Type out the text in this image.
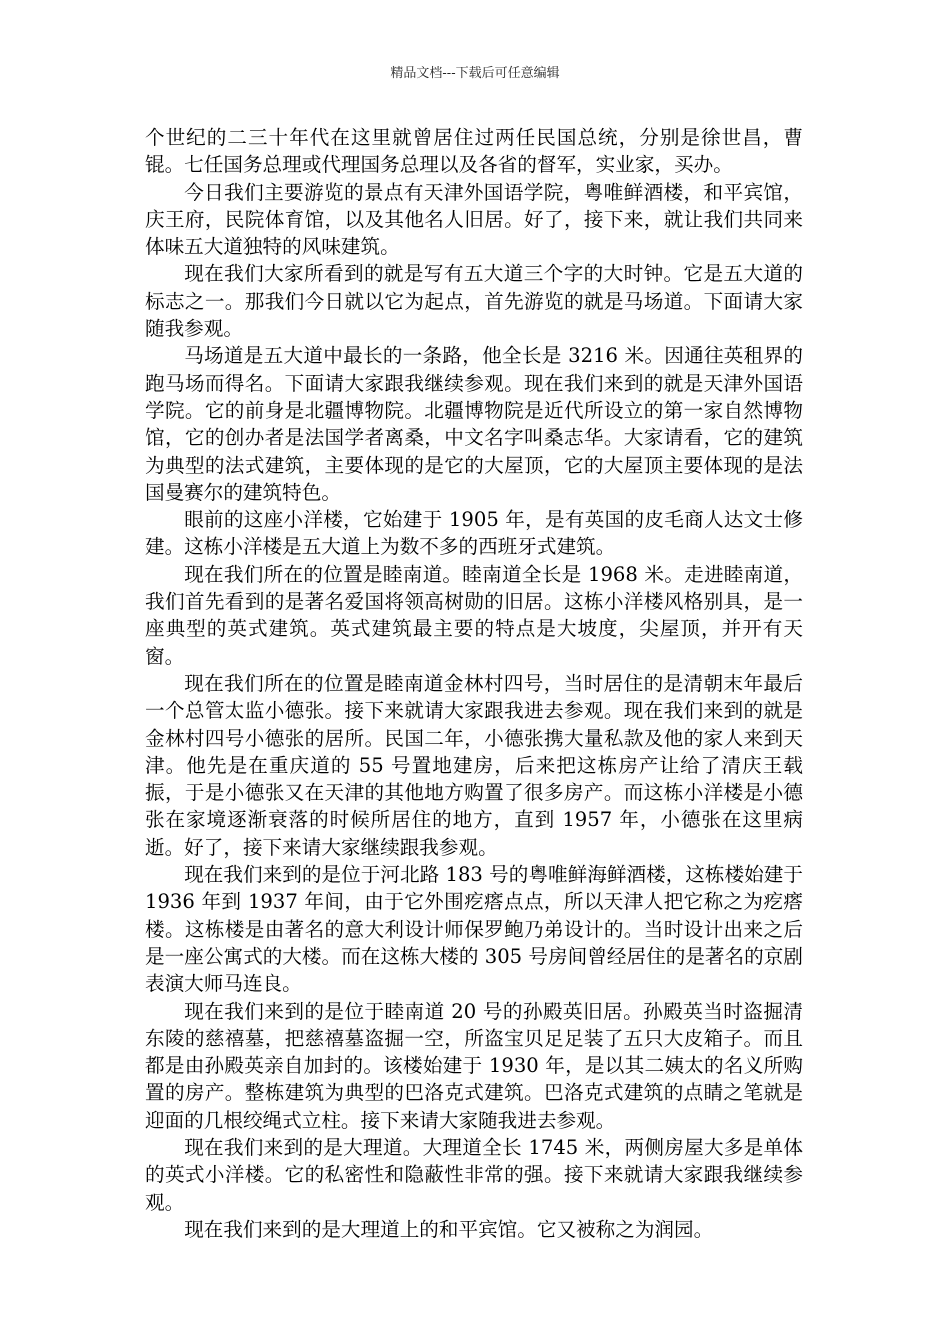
精品文档---下载后可任意编辑

个世纪的二三十年代在这里就曾居住过两任民国总统，分别是徐世昌，曹锟。七任国务总理或代理国务总理以及各省的督军，实业家，买办。

今日我们主要游览的景点有天津外国语学院，粤唯鲜酒楼，和平宾馆，庆王府，民院体育馆，以及其他名人旧居。好了，接下来，就让我们共同来体味五大道独特的风味建筑。

现在我们大家所看到的就是写有五大道三个字的大时钟。它是五大道的标志之一。那我们今日就以它为起点，首先游览的就是马场道。下面请大家随我参观。

马场道是五大道中最长的一条路，他全长是 3216 米。因通往英租界的跑马场而得名。下面请大家跟我继续参观。现在我们来到的就是天津外国语学院。它的前身是北疆博物院。北疆博物院是近代所设立的第一家自然博物馆，它的创办者是法国学者离桑，中文名字叫桑志华。大家请看，它的建筑为典型的法式建筑，主要体现的是它的大屋顶，它的大屋顶主要体现的是法国曼赛尔的建筑特色。

眼前的这座小洋楼，它始建于 1905 年，是有英国的皮毛商人达文士修建。这栋小洋楼是五大道上为数不多的西班牙式建筑。

现在我们所在的位置是睦南道。睦南道全长是 1968 米。走进睦南道，我们首先看到的是著名爱国将领高树勋的旧居。这栋小洋楼风格别具，是一座典型的英式建筑。英式建筑最主要的特点是大坡度，尖屋顶，并开有天窗。

现在我们所在的位置是睦南道金林村四号，当时居住的是清朝末年最后一个总管太监小德张。接下来就请大家跟我进去参观。现在我们来到的就是金林村四号小德张的居所。民国二年，小德张携大量私款及他的家人来到天津。他先是在重庆道的 55 号置地建房，后来把这栋房产让给了清庆王载振，于是小德张又在天津的其他地方购置了很多房产。而这栋小洋楼是小德张在家境逐渐衰落的时候所居住的地方，直到 1957 年，小德张在这里病逝。好了，接下来请大家继续跟我参观。

现在我们来到的是位于河北路 183 号的粤唯鲜海鲜酒楼，这栋楼始建于 1936 年到 1937 年间，由于它外围疙瘩点点，所以天津人把它称之为疙瘩楼。这栋楼是由著名的意大利设计师保罗鲍乃弟设计的。当时设计出来之后是一座公寓式的大楼。而在这栋大楼的 305 号房间曾经居住的是著名的京剧表演大师马连良。

现在我们来到的是位于睦南道 20 号的孙殿英旧居。孙殿英当时盗掘清东陵的慈禧墓，把慈禧墓盗掘一空，所盗宝贝足足装了五只大皮箱子。而且都是由孙殿英亲自加封的。该楼始建于 1930 年，是以其二姨太的名义所购置的房产。整栋建筑为典型的巴洛克式建筑。巴洛克式建筑的点睛之笔就是迎面的几根绞绳式立柱。接下来请大家随我进去参观。

现在我们来到的是大理道。大理道全长 1745 米，两侧房屋大多是单体的英式小洋楼。它的私密性和隐蔽性非常的强。接下来就请大家跟我继续参观。

现在我们来到的是大理道上的和平宾馆。它又被称之为润园。
